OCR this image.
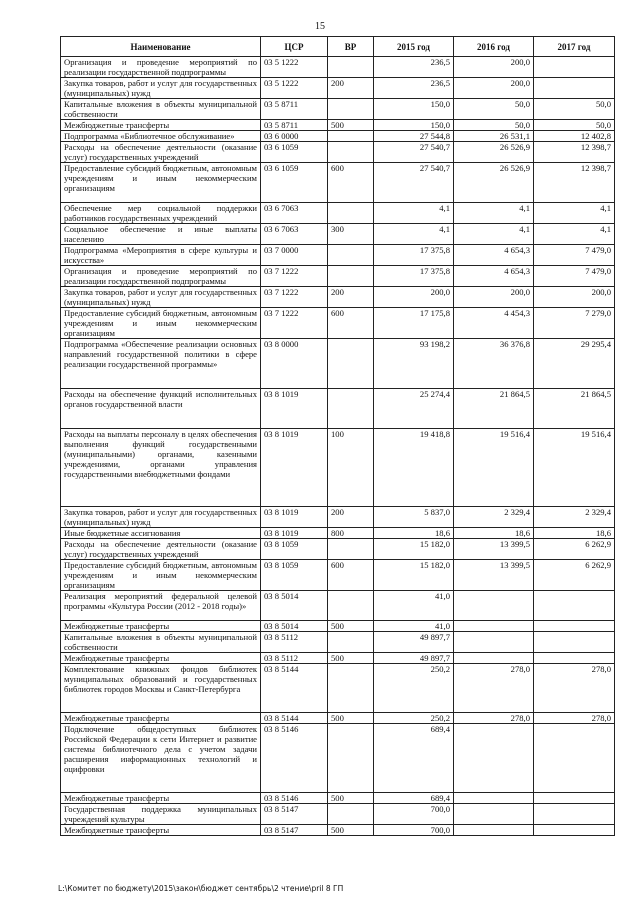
15
Наименование	ЦСР	ВР	2015 год	2016 год	2017 год
Организация и проведение мероприятий по реализации государственной подпрограммы	03 5 1222		236,5	200,0	
Закупка товаров, работ и услуг для государственных (муниципальных) нужд	03 5 1222	200	236,5	200,0	
Капитальные вложения в объекты муниципальной собственности	03 5 8711		150,0	50,0	50,0
Межбюджетные трансферты	03 5 8711	500	150,0	50,0	50,0
Подпрограмма «Библиотечное обслуживание»	03 6 0000		27 544,8	26 531,1	12 402,8
Расходы на обеспечение деятельности (оказание услуг) государственных учреждений	03 6 1059		27 540,7	26 526,9	12 398,7
Предоставление субсидий бюджетным, автономным учреждениям и иным некоммерческим организациям	03 6 1059	600	27 540,7	26 526,9	12 398,7
Обеспечение мер социальной поддержки работников государственных учреждений	03 6 7063		4,1	4,1	4,1
Социальное обеспечение и иные выплаты населению	03 6 7063	300	4,1	4,1	4,1
Подпрограмма «Мероприятия в сфере культуры и искусства»	03 7 0000		17 375,8	4 654,3	7 479,0
Организация и проведение мероприятий по реализации государственной подпрограммы	03 7 1222		17 375,8	4 654,3	7 479,0
Закупка товаров, работ и услуг для государственных (муниципальных) нужд	03 7 1222	200	200,0	200,0	200,0
Предоставление субсидий бюджетным, автономным учреждениям и иным некоммерческим организациям	03 7 1222	600	17 175,8	4 454,3	7 279,0
Подпрограмма «Обеспечение реализации основных направлений государственной политики в сфере реализации государственной программы»	03 8 0000		93 198,2	36 376,8	29 295,4
Расходы на обеспечение функций исполнительных органов государственной власти	03 8 1019		25 274,4	21 864,5	21 864,5
Расходы на выплаты персоналу в целях обеспечения выполнения функций государственными (муниципальными) органами, казенными учреждениями, органами управления государственными внебюджетными фондами	03 8 1019	100	19 418,8	19 516,4	19 516,4
Закупка товаров, работ и услуг для государственных (муниципальных) нужд	03 8 1019	200	5 837,0	2 329,4	2 329,4
Иные бюджетные ассигнования	03 8 1019	800	18,6	18,6	18,6
Расходы на обеспечение деятельности (оказание услуг) государственных учреждений	03 8 1059		15 182,0	13 399,5	6 262,9
Предоставление субсидий бюджетным, автономным учреждениям и иным некоммерческим организациям	03 8 1059	600	15 182,0	13 399,5	6 262,9
Реализация мероприятий федеральной целевой программы «Культура России (2012 - 2018 годы)»	03 8 5014		41,0		
Межбюджетные трансферты	03 8 5014	500	41,0		
Капитальные вложения в объекты муниципальной собственности	03 8 5112		49 897,7		
Межбюджетные трансферты	03 8 5112	500	49 897,7		
Комплектование книжных фондов библиотек муниципальных образований и государственных библиотек городов Москвы и Санкт-Петербурга	03 8 5144		250,2	278,0	278,0
Межбюджетные трансферты	03 8 5144	500	250,2	278,0	278,0
Подключение общедоступных библиотек Российской Федерации к сети Интернет и развитие системы библиотечного дела с учетом задачи расширения информационных технологий и оцифровки	03 8 5146		689,4		
Межбюджетные трансферты	03 8 5146	500	689,4		
Государственная поддержка муниципальных учреждений культуры	03 8 5147		700,0		
Межбюджетные трансферты	03 8 5147	500	700,0		
L:\Комитет по бюджету\2015\закон\бюджет сентябрь\2 чтение\pril 8 ГП
